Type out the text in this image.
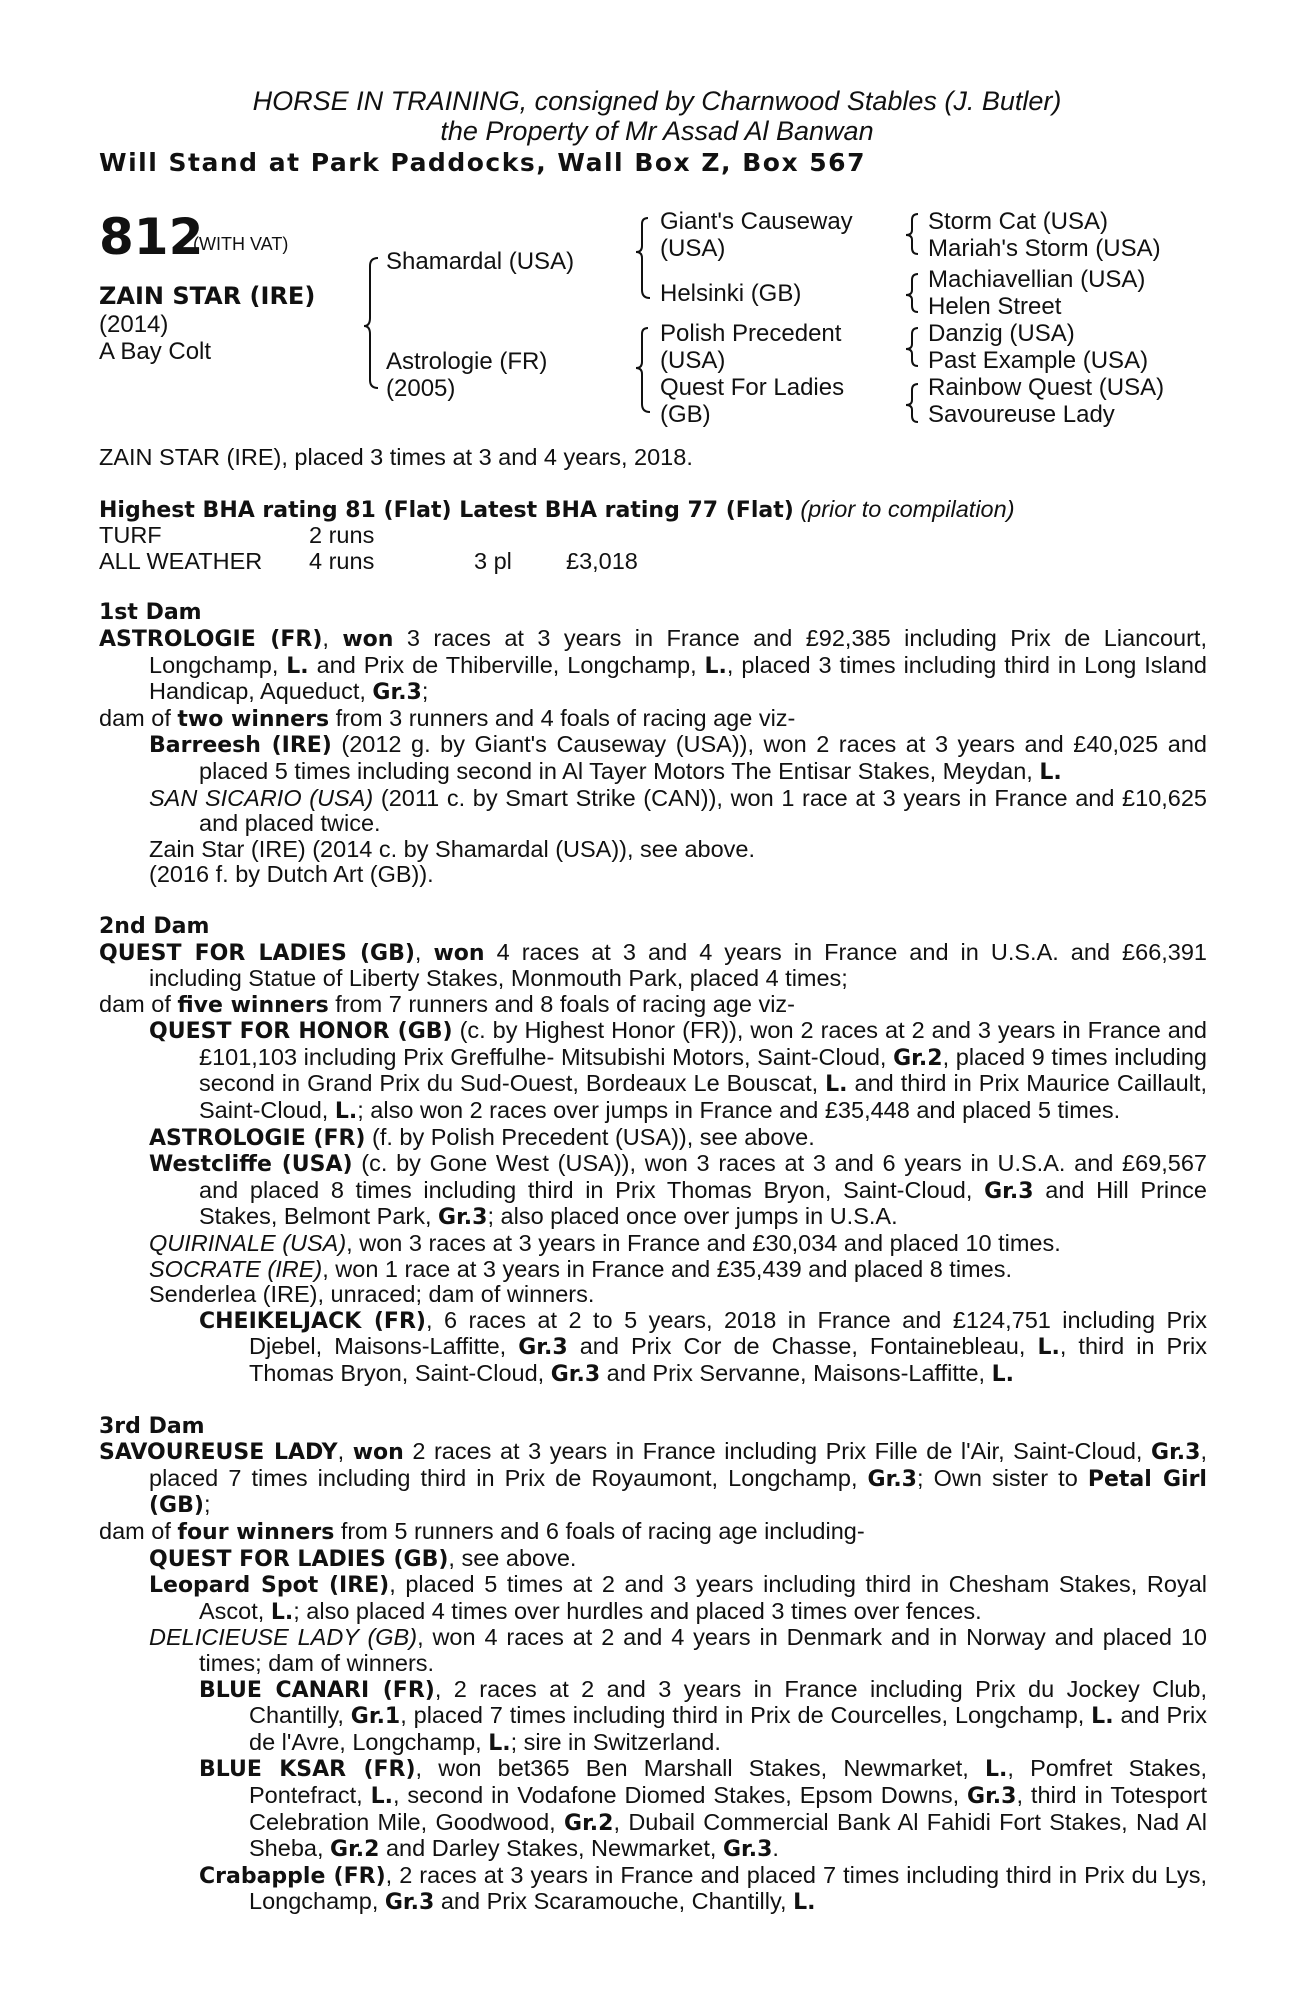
HORSE IN TRAINING, consigned by Charnwood Stables (J. Butler)
the Property of Mr Assad Al Banwan
Will Stand at Park Paddocks, Wall Box Z, Box 567
812
(WITH VAT)
ZAIN STAR (IRE)
(2014)
A Bay Colt
Shamardal (USA)
Astrologie (FR)
(2005)
Giant's Causeway
(USA)
Helsinki (GB)
Polish Precedent
(USA)
Quest For Ladies
(GB)
Storm Cat (USA)
Mariah's Storm (USA)
Machiavellian (USA)
Helen Street
Danzig (USA)
Past Example (USA)
Rainbow Quest (USA)
Savoureuse Lady

ZAIN STAR (IRE), placed 3 times at 3 and 4 years, 2018.

Highest BHA rating 81 (Flat) Latest BHA rating 77 (Flat) (prior to compilation)

TURF	2 runs

ALL WEATHER	4 runs	3 pl	£3,018

1st Dam

ASTROLOGIE (FR), won 3 races at 3 years in France and £92,385 including Prix de Liancourt, Longchamp, L. and Prix de Thiberville, Longchamp, L., placed 3 times including third in Long Island Handicap, Aqueduct, Gr.3;

dam of two winners from 3 runners and 4 foals of racing age viz-

Barreesh (IRE) (2012 g. by Giant's Causeway (USA)), won 2 races at 3 years and £40,025 and placed 5 times including second in Al Tayer Motors The Entisar Stakes, Meydan, L.

SAN SICARIO (USA) (2011 c. by Smart Strike (CAN)), won 1 race at 3 years in France and £10,625 and placed twice.

Zain Star (IRE) (2014 c. by Shamardal (USA)), see above.

(2016 f. by Dutch Art (GB)).

2nd Dam

QUEST FOR LADIES (GB), won 4 races at 3 and 4 years in France and in U.S.A. and £66,391 including Statue of Liberty Stakes, Monmouth Park, placed 4 times;

dam of five winners from 7 runners and 8 foals of racing age viz-

QUEST FOR HONOR (GB) (c. by Highest Honor (FR)), won 2 races at 2 and 3 years in France and £101,103 including Prix Greffulhe- Mitsubishi Motors, Saint-Cloud, Gr.2, placed 9 times including second in Grand Prix du Sud-Ouest, Bordeaux Le Bouscat, L. and third in Prix Maurice Caillault, Saint-Cloud, L.; also won 2 races over jumps in France and £35,448 and placed 5 times.

ASTROLOGIE (FR) (f. by Polish Precedent (USA)), see above.

Westcliffe (USA) (c. by Gone West (USA)), won 3 races at 3 and 6 years in U.S.A. and £69,567 and placed 8 times including third in Prix Thomas Bryon, Saint-Cloud, Gr.3 and Hill Prince Stakes, Belmont Park, Gr.3; also placed once over jumps in U.S.A.

QUIRINALE (USA), won 3 races at 3 years in France and £30,034 and placed 10 times.

SOCRATE (IRE), won 1 race at 3 years in France and £35,439 and placed 8 times.

Senderlea (IRE), unraced; dam of winners.

CHEIKELJACK (FR), 6 races at 2 to 5 years, 2018 in France and £124,751 including Prix Djebel, Maisons-Laffitte, Gr.3 and Prix Cor de Chasse, Fontainebleau, L., third in Prix Thomas Bryon, Saint-Cloud, Gr.3 and Prix Servanne, Maisons-Laffitte, L.

3rd Dam

SAVOUREUSE LADY, won 2 races at 3 years in France including Prix Fille de l'Air, Saint-Cloud, Gr.3, placed 7 times including third in Prix de Royaumont, Longchamp, Gr.3; Own sister to Petal Girl (GB);

dam of four winners from 5 runners and 6 foals of racing age including-

QUEST FOR LADIES (GB), see above.

Leopard Spot (IRE), placed 5 times at 2 and 3 years including third in Chesham Stakes, Royal Ascot, L.; also placed 4 times over hurdles and placed 3 times over fences.

DELICIEUSE LADY (GB), won 4 races at 2 and 4 years in Denmark and in Norway and placed 10 times; dam of winners.

BLUE CANARI (FR), 2 races at 2 and 3 years in France including Prix du Jockey Club, Chantilly, Gr.1, placed 7 times including third in Prix de Courcelles, Longchamp, L. and Prix de l'Avre, Longchamp, L.; sire in Switzerland.

BLUE KSAR (FR), won bet365 Ben Marshall Stakes, Newmarket, L., Pomfret Stakes, Pontefract, L., second in Vodafone Diomed Stakes, Epsom Downs, Gr.3, third in Totesport Celebration Mile, Goodwood, Gr.2, Dubail Commercial Bank Al Fahidi Fort Stakes, Nad Al Sheba, Gr.2 and Darley Stakes, Newmarket, Gr.3.

Crabapple (FR), 2 races at 3 years in France and placed 7 times including third in Prix du Lys, Longchamp, Gr.3 and Prix Scaramouche, Chantilly, L.
